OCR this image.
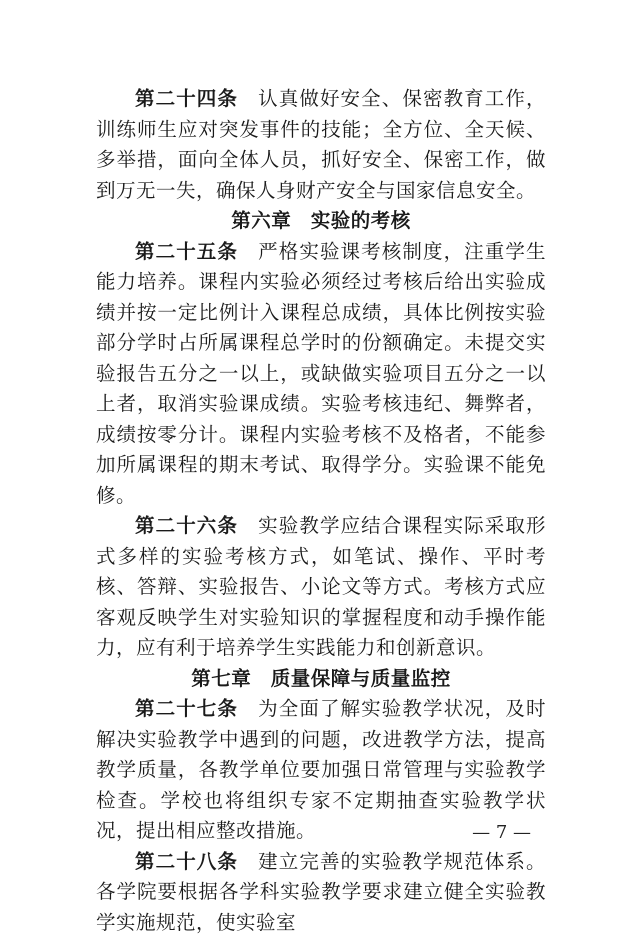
第二十四条 认真做好安全、保密教育工作，训练师生应对突发事件的技能；全方位、全天候、多举措，面向全体人员，抓好安全、保密工作，做到万无一失，确保人身财产安全与国家信息安全。

第六章 实验的考核

第二十五条 严格实验课考核制度，注重学生能力培养。课程内实验必须经过考核后给出实验成绩并按一定比例计入课程总成绩，具体比例按实验部分学时占所属课程总学时的份额确定。未提交实验报告五分之一以上，或缺做实验项目五分之一以上者，取消实验课成绩。实验考核违纪、舞弊者，成绩按零分计。课程内实验考核不及格者，不能参加所属课程的期末考试、取得学分。实验课不能免修。

第二十六条 实验教学应结合课程实际采取形式多样的实验考核方式，如笔试、操作、平时考核、答辩、实验报告、小论文等方式。考核方式应客观反映学生对实验知识的掌握程度和动手操作能力，应有利于培养学生实践能力和创新意识。

第七章 质量保障与质量监控

第二十七条 为全面了解实验教学状况，及时解决实验教学中遇到的问题，改进教学方法，提高教学质量，各教学单位要加强日常管理与实验教学检查。学校也将组织专家不定期抽查实验教学状况，提出相应整改措施。

第二十八条 建立完善的实验教学规范体系。各学院要根据各学科实验教学要求建立健全实验教学实施规范，使实验室

— 7 —
